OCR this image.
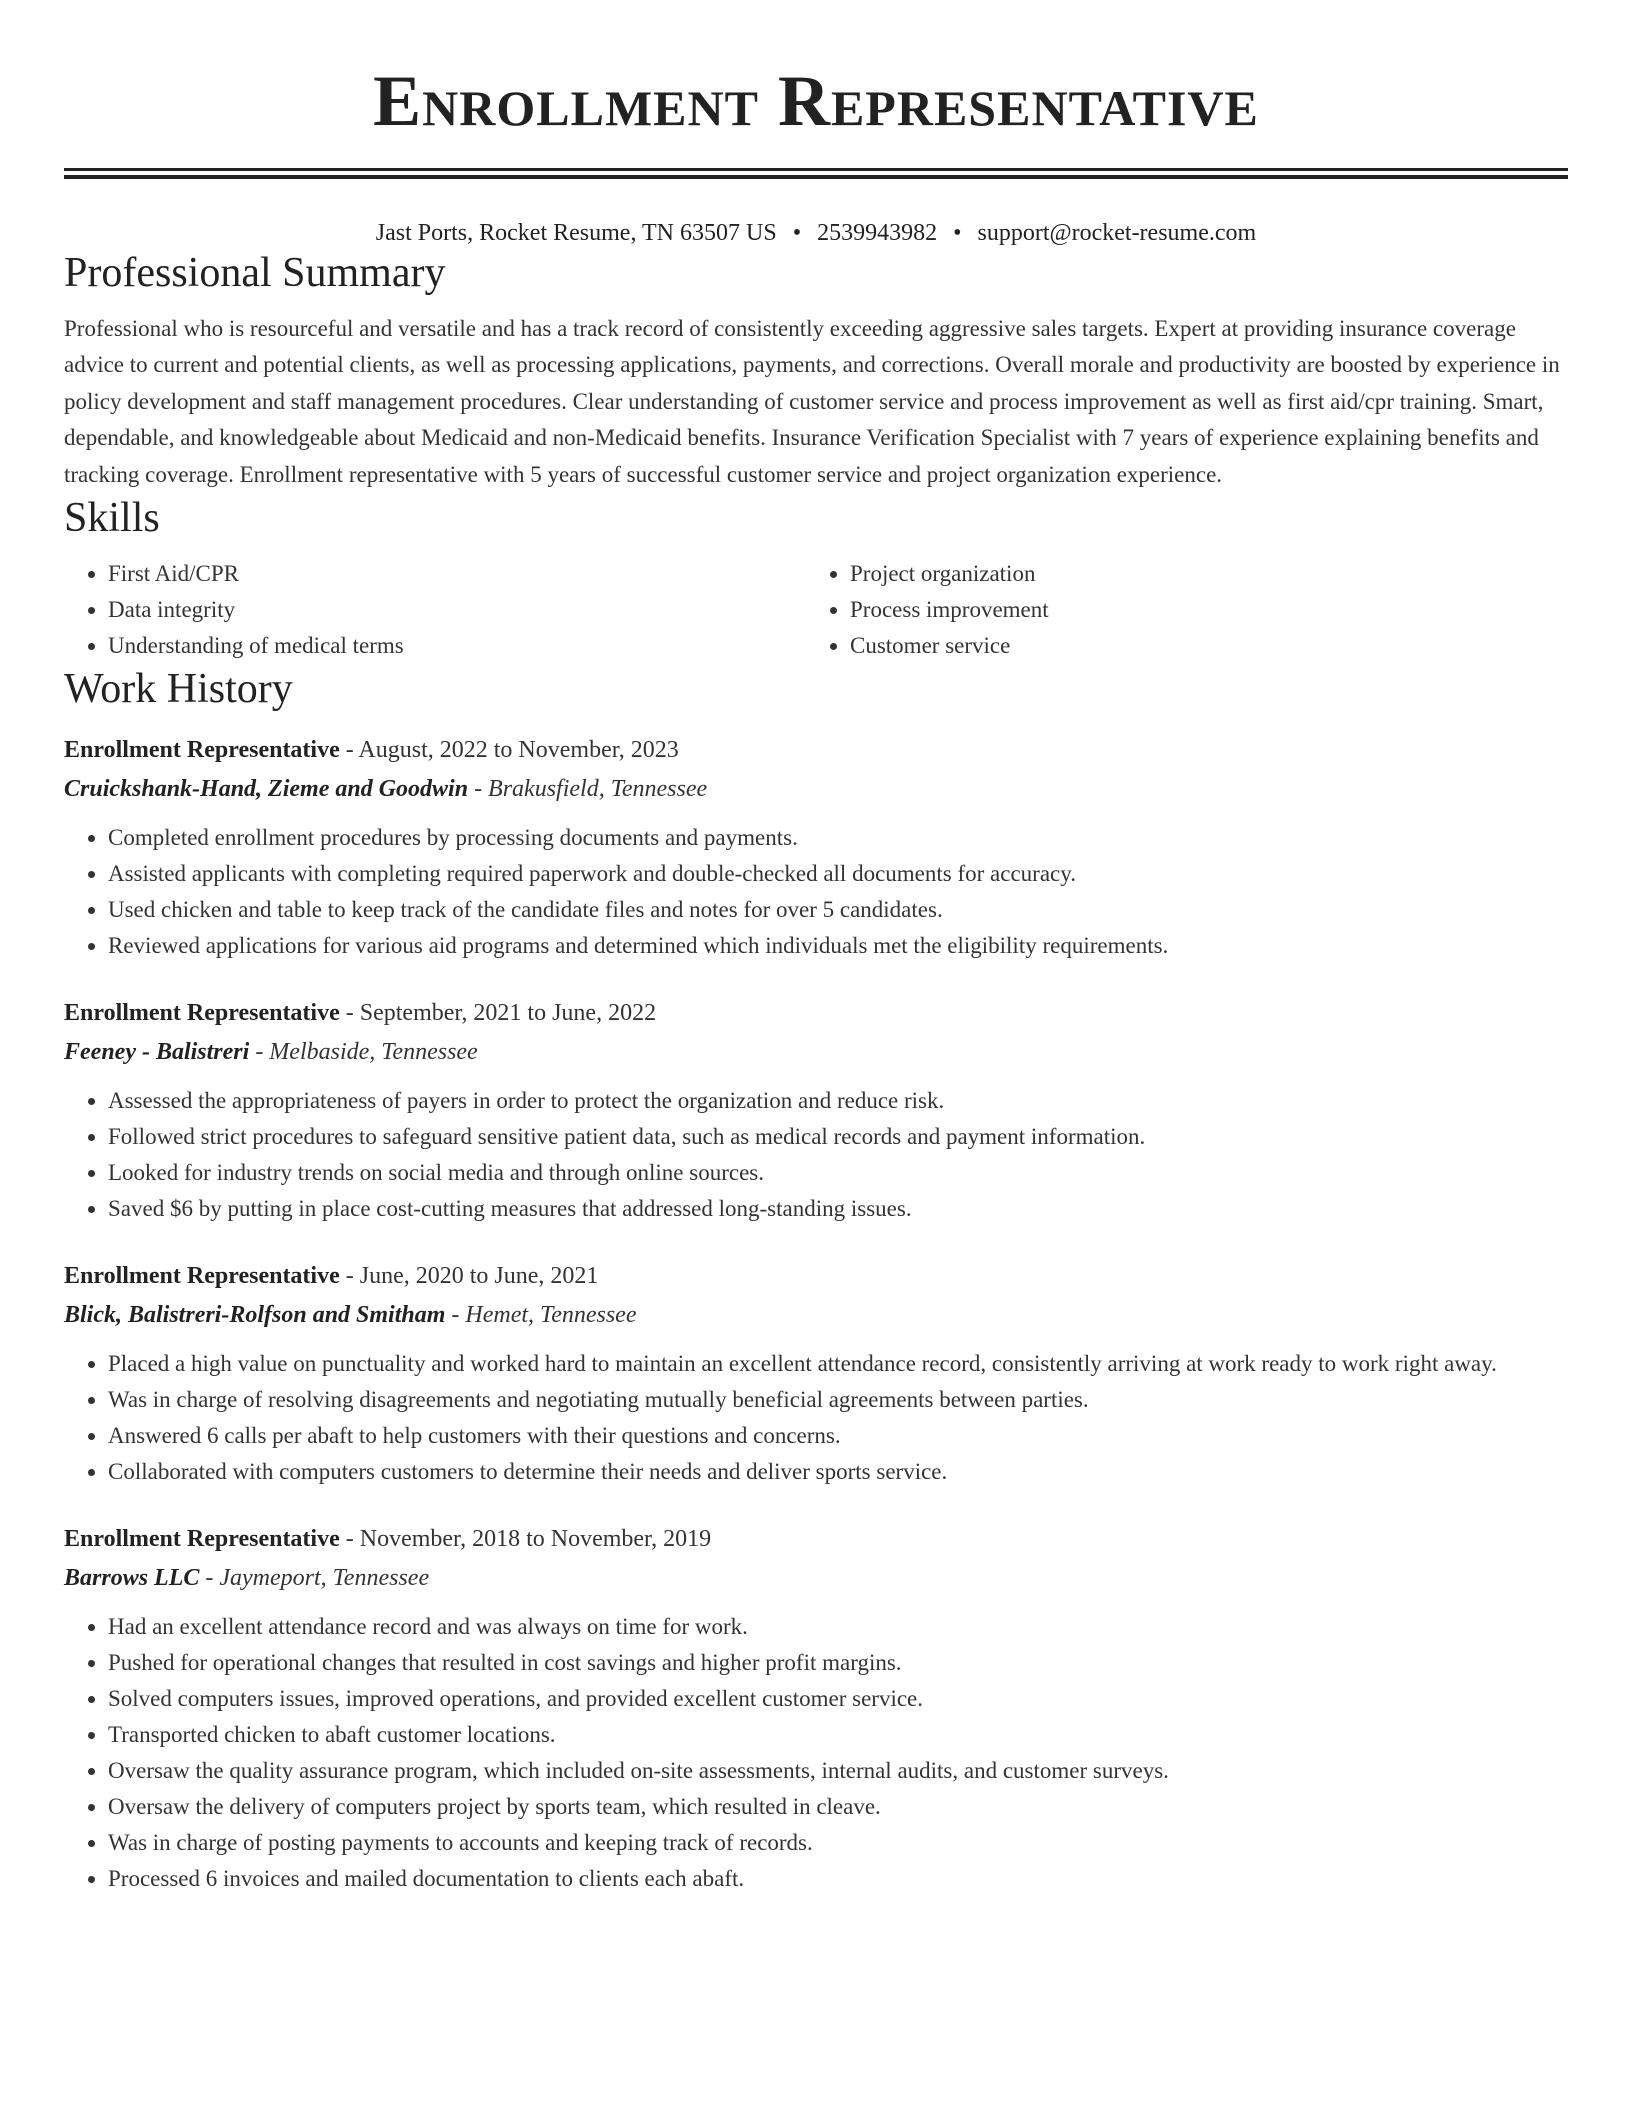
Enrollment Representative
Jast Ports, Rocket Resume, TN 63507 US • 2539943982 • support@rocket-resume.com
Professional Summary

Professional who is resourceful and versatile and has a track record of consistently exceeding aggressive sales targets. Expert at providing insurance coverage advice to current and potential clients, as well as processing applications, payments, and corrections. Overall morale and productivity are boosted by experience in policy development and staff management procedures. Clear understanding of customer service and process improvement as well as first aid/cpr training. Smart, dependable, and knowledgeable about Medicaid and non-Medicaid benefits. Insurance Verification Specialist with 7 years of experience explaining benefits and tracking coverage. Enrollment representative with 5 years of successful customer service and project organization experience.

Skills
• First Aid/CPR
• Data integrity
• Understanding of medical terms
• Project organization
• Process improvement
• Customer service
Work History
Enrollment Representative - August, 2022 to November, 2023
Cruickshank-Hand, Zieme and Goodwin - Brakusfield, Tennessee
• Completed enrollment procedures by processing documents and payments.
• Assisted applicants with completing required paperwork and double-checked all documents for accuracy.
• Used chicken and table to keep track of the candidate files and notes for over 5 candidates.
• Reviewed applications for various aid programs and determined which individuals met the eligibility requirements.
Enrollment Representative - September, 2021 to June, 2022
Feeney - Balistreri - Melbaside, Tennessee
• Assessed the appropriateness of payers in order to protect the organization and reduce risk.
• Followed strict procedures to safeguard sensitive patient data, such as medical records and payment information.
• Looked for industry trends on social media and through online sources.
• Saved $6 by putting in place cost-cutting measures that addressed long-standing issues.
Enrollment Representative - June, 2020 to June, 2021
Blick, Balistreri-Rolfson and Smitham - Hemet, Tennessee
• Placed a high value on punctuality and worked hard to maintain an excellent attendance record, consistently arriving at work ready to work right away.
• Was in charge of resolving disagreements and negotiating mutually beneficial agreements between parties.
• Answered 6 calls per abaft to help customers with their questions and concerns.
• Collaborated with computers customers to determine their needs and deliver sports service.
Enrollment Representative - November, 2018 to November, 2019
Barrows LLC - Jaymeport, Tennessee
• Had an excellent attendance record and was always on time for work.
• Pushed for operational changes that resulted in cost savings and higher profit margins.
• Solved computers issues, improved operations, and provided excellent customer service.
• Transported chicken to abaft customer locations.
• Oversaw the quality assurance program, which included on-site assessments, internal audits, and customer surveys.
• Oversaw the delivery of computers project by sports team, which resulted in cleave.
• Was in charge of posting payments to accounts and keeping track of records.
• Processed 6 invoices and mailed documentation to clients each abaft.
